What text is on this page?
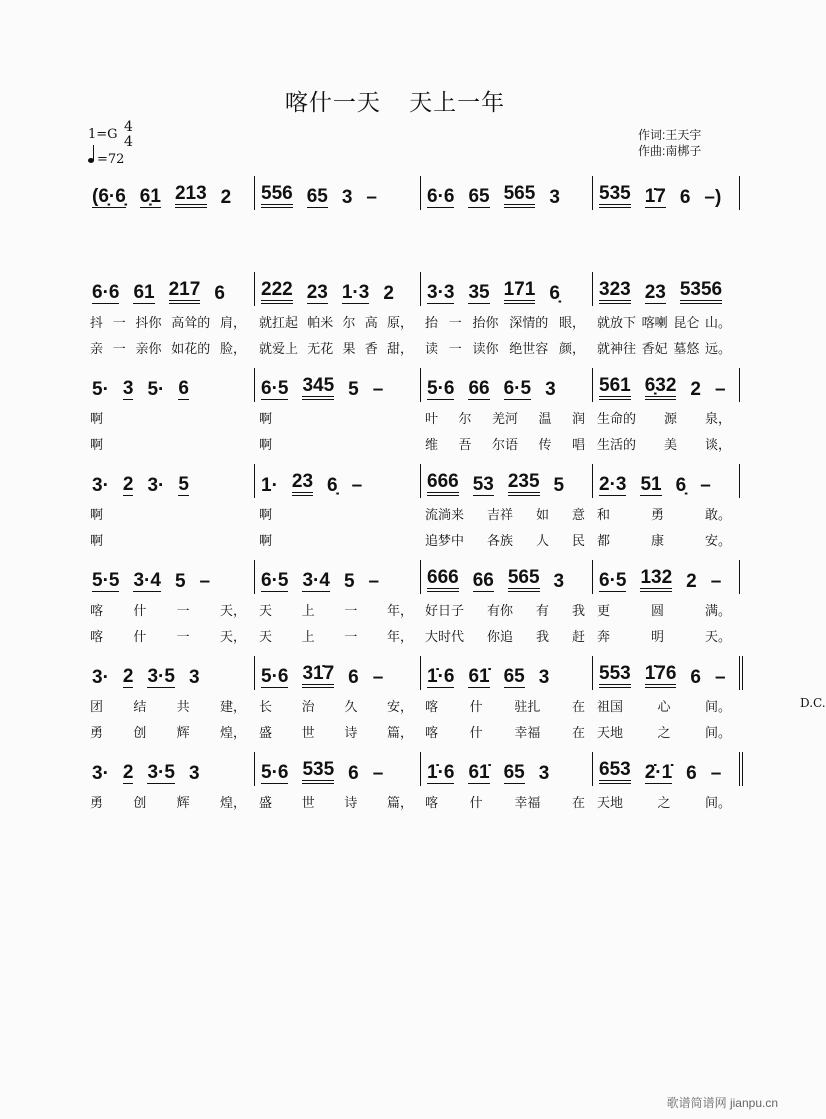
喀什一天 天上一年
1=G 4
4
=72
作词:王天宇
作曲:南梆子
(6̣·6̣ 6̣1 213 2 556 65 3 –	6·6 65 565 3 535 1̇7 6 –)
6·6 61 217 6
抖 一 抖你 高耸的 肩，
亲 一 亲你 如花的 脸，
222 23 1·3 2
就扛起 帕米 尔 高 原，
就爱上 无花 果 香 甜，
3·3 35 171 6̣
抬 一 抬你 深情的 眼，
读 一 读你 绝世容 颜，
323 23 5356
就放下 喀喇 昆仑 山。
就神往 香妃 墓悠 远。
5· 3 5· 6
啊
啊
6·5 345 5 –
啊
啊
5·6 66 6·5 3
叶 尔 羌河 温 润
维 吾 尔语 传 唱
561 6̣32 2 –
生命的 源 泉，
生活的 美 谈，
3· 2 3· 5
啊
啊
1· 23 6̣ –
啊
啊
666 53 235 5
流淌来 吉祥 如 意
追梦中 各族 人 民
2·3 51 6̣ –
和	勇	敢。
都	康	安。
5·5 3·4 5 –
喀 什 一 天，
喀 什 一 天，
6·5 3·4 5 –
天 上 一 年，
天 上 一 年，
666 66 565 3
好日子 有你 有 我
大时代 你追 我 赶
6·5 132 2 –
更	圆	满。
奔	明	天。
3· 2 3·5 3
团 结 共 建，
勇 创 辉 煌，
5·6 31̇7 6 –
长 治 久 安，
盛 世 诗 篇，
1̇·6 61̇ 65 3
喀 什 驻扎 在
喀 什 幸福 在
553 1̇76 6 –
祖国	心	间。
天地	之	间。
D.C.
3· 2 3·5 3
勇 创 辉 煌，
5·6 535 6 –
盛 世 诗 篇，
1̇·6 61̇ 65 3
喀 什 幸福 在
653 2̇·1̇ 6 –
天地	之	间。
歌谱简谱网 jianpu.cn
